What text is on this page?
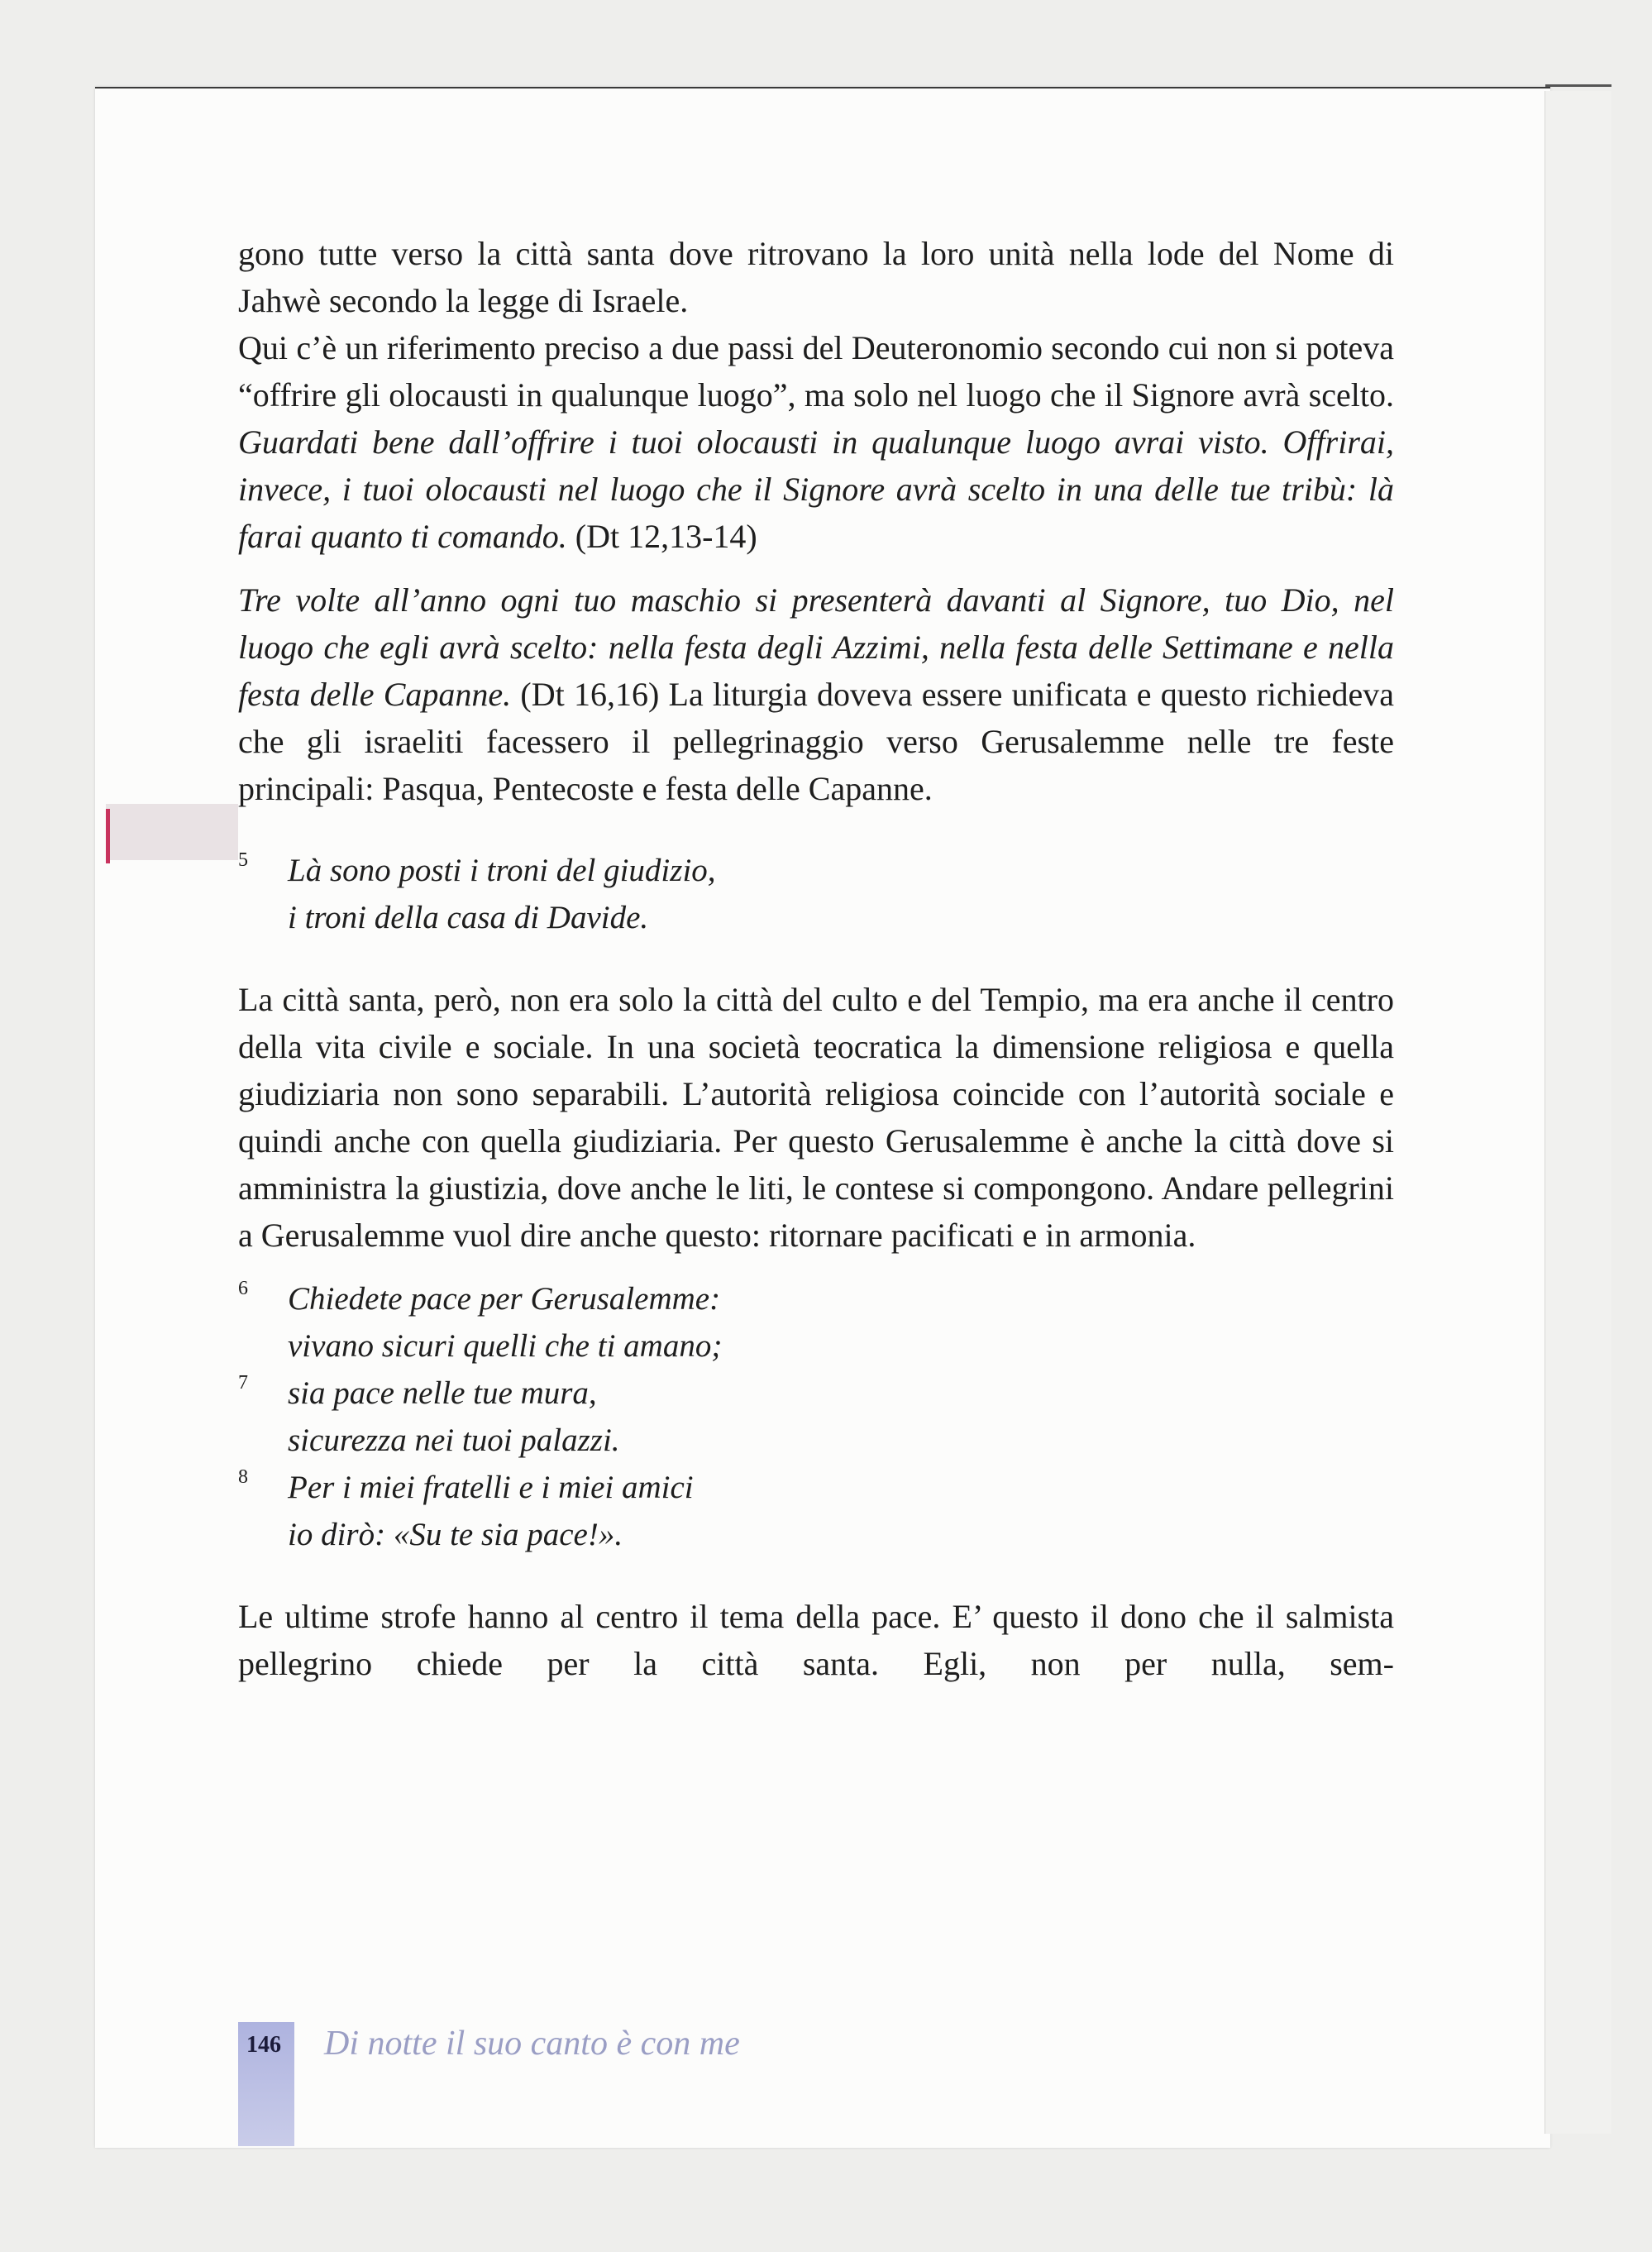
gono tutte verso la città santa dove ritrovano la loro unità nella lode del Nome di Jahwè secondo la legge di Israele.

Qui c’è un riferimento preciso a due passi del Deuteronomio secondo cui non si poteva “offrire gli olocausti in qualunque luogo”, ma solo nel luogo che il Signore avrà scelto. Guardati bene dall’offrire i tuoi olocausti in qualunque luogo avrai visto. Offrirai, invece, i tuoi olocausti nel luogo che il Signore avrà scelto in una delle tue tribù: là farai quanto ti comando. (Dt 12,13-14)

Tre volte all’anno ogni tuo maschio si presenterà davanti al Signore, tuo Dio, nel luogo che egli avrà scelto: nella festa degli Azzimi, nella festa delle Settimane e nella festa delle Capanne. (Dt 16,16) La liturgia doveva essere unificata e questo richiedeva che gli israeliti facessero il pellegrinaggio verso Gerusalemme nelle tre feste principali: Pasqua, Pentecoste e festa delle Capanne.

5 Là sono posti i troni del giudizio,
i troni della casa di Davide.

La città santa, però, non era solo la città del culto e del Tempio, ma era anche il centro della vita civile e sociale. In una società teocratica la dimensione religiosa e quella giudiziaria non sono separabili. L’autorità religiosa coincide con l’autorità sociale e quindi anche con quella giudiziaria. Per questo Gerusalemme è anche la città dove si amministra la giustizia, dove anche le liti, le contese si compongono. Andare pellegrini a Gerusalemme vuol dire anche questo: ritornare pacificati e in armonia.

6 Chiedete pace per Gerusalemme:
vivano sicuri quelli che ti amano;
7 sia pace nelle tue mura,
sicurezza nei tuoi palazzi.
8 Per i miei fratelli e i miei amici
io dirò: «Su te sia pace!».

Le ultime strofe hanno al centro il tema della pace. E’ questo il dono che il salmista pellegrino chiede per la città santa. Egli, non per nulla, sem-

146 Di notte il suo canto è con me
